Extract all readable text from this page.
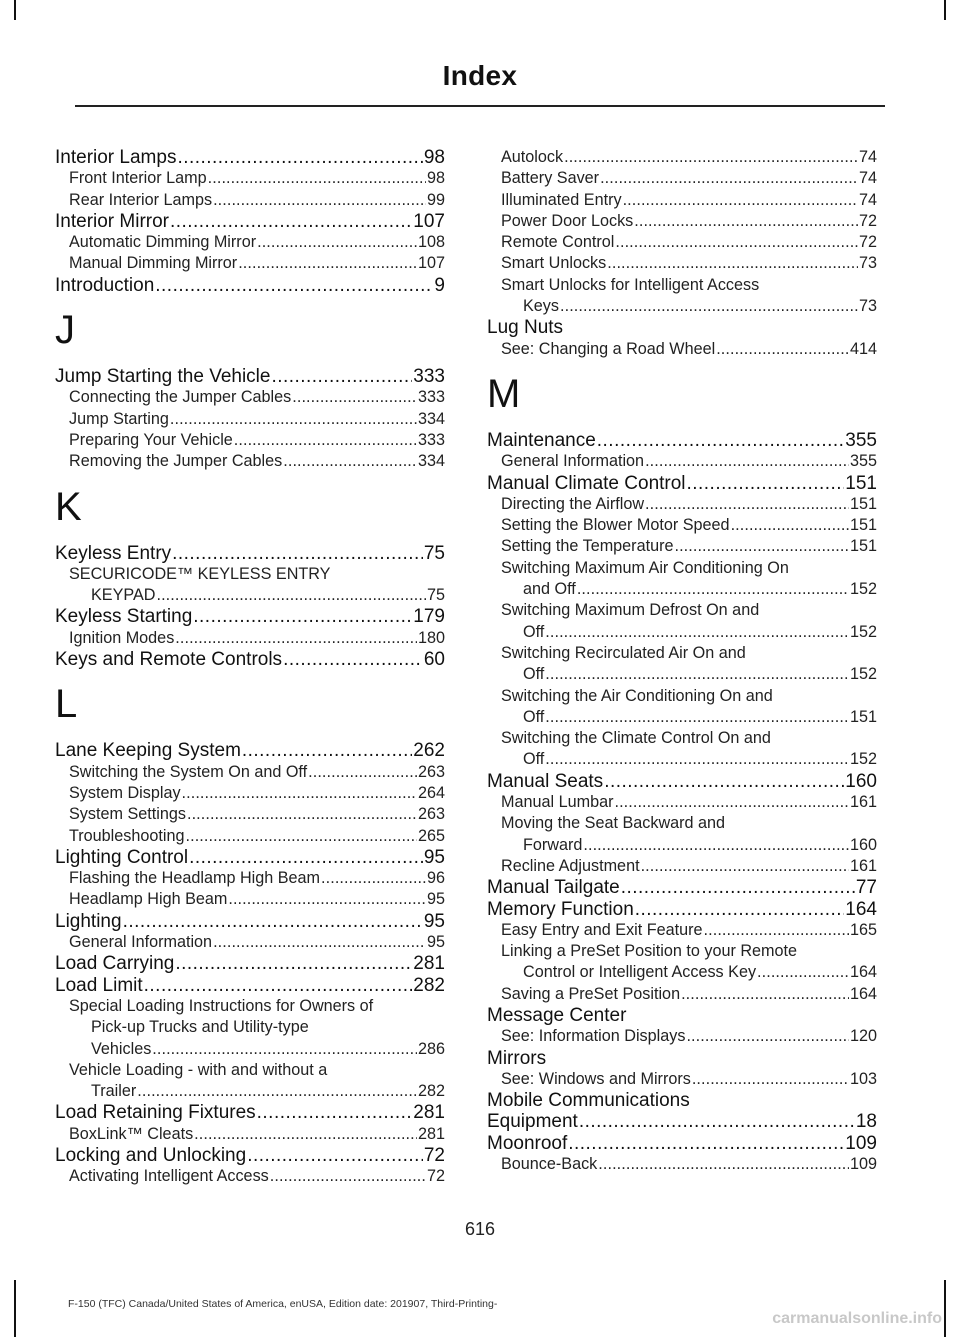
Index
Interior Lamps . . .	98
Front Interior Lamp . . .	98
Rear Interior Lamps . . .	99
Interior Mirror . . .	107
Automatic Dimming Mirror . . .	108
Manual Dimming Mirror . . .	107
Introduction . . .	9
J
Jump Starting the Vehicle . . .	333
Connecting the Jumper Cables . . .	333
Jump Starting . . .	334
Preparing Your Vehicle . . .	333
Removing the Jumper Cables . . .	334
K
Keyless Entry . . .	75
SECURICODE™ KEYLESS ENTRY
KEYPAD . . .	75
Keyless Starting . . .	179
Ignition Modes . . .	180
Keys and Remote Controls . . .	60
L
Lane Keeping System . . .	262
Switching the System On and Off . . .	263
System Display . . .	264
System Settings . . .	263
Troubleshooting . . .	265
Lighting Control . . .	95
Flashing the Headlamp High Beam . . .	96
Headlamp High Beam . . .	95
Lighting . . .	95
General Information . . .	95
Load Carrying . . .	281
Load Limit . . .	282
Special Loading Instructions for Owners of
Pick-up Trucks and Utility-type
Vehicles . . .	286
Vehicle Loading - with and without a
Trailer . . .	282
Load Retaining Fixtures . . .	281
BoxLink™ Cleats . . .	281
Locking and Unlocking . . .	72
Activating Intelligent Access . . .	72
Autolock . . .	74
Battery Saver . . .	74
Illuminated Entry . . .	74
Power Door Locks . . .	72
Remote Control . . .	72
Smart Unlocks . . .	73
Smart Unlocks for Intelligent Access
Keys . . .	73
Lug Nuts
See: Changing a Road Wheel . . .	414
M
Maintenance . . .	355
General Information . . .	355
Manual Climate Control . . .	151
Directing the Airflow . . .	151
Setting the Blower Motor Speed . . .	151
Setting the Temperature . . .	151
Switching Maximum Air Conditioning On
and Off . . .	152
Switching Maximum Defrost On and
Off . . .	152
Switching Recirculated Air On and
Off . . .	152
Switching the Air Conditioning On and
Off . . .	151
Switching the Climate Control On and
Off . . .	152
Manual Seats . . .	160
Manual Lumbar . . .	161
Moving the Seat Backward and
Forward . . .	160
Recline Adjustment . . .	161
Manual Tailgate . . .	77
Memory Function . . .	164
Easy Entry and Exit Feature . . .	165
Linking a PreSet Position to your Remote
Control or Intelligent Access Key . . .	164
Saving a PreSet Position . . .	164
Message Center
See: Information Displays . . .	120
Mirrors
See: Windows and Mirrors . . .	103
Mobile Communications
Equipment . . .	18
Moonroof . . .	109
Bounce-Back . . .	109
616
F-150 (TFC) Canada/United States of America, enUSA, Edition date: 201907, Third-Printing-
carmanualsonline.info
